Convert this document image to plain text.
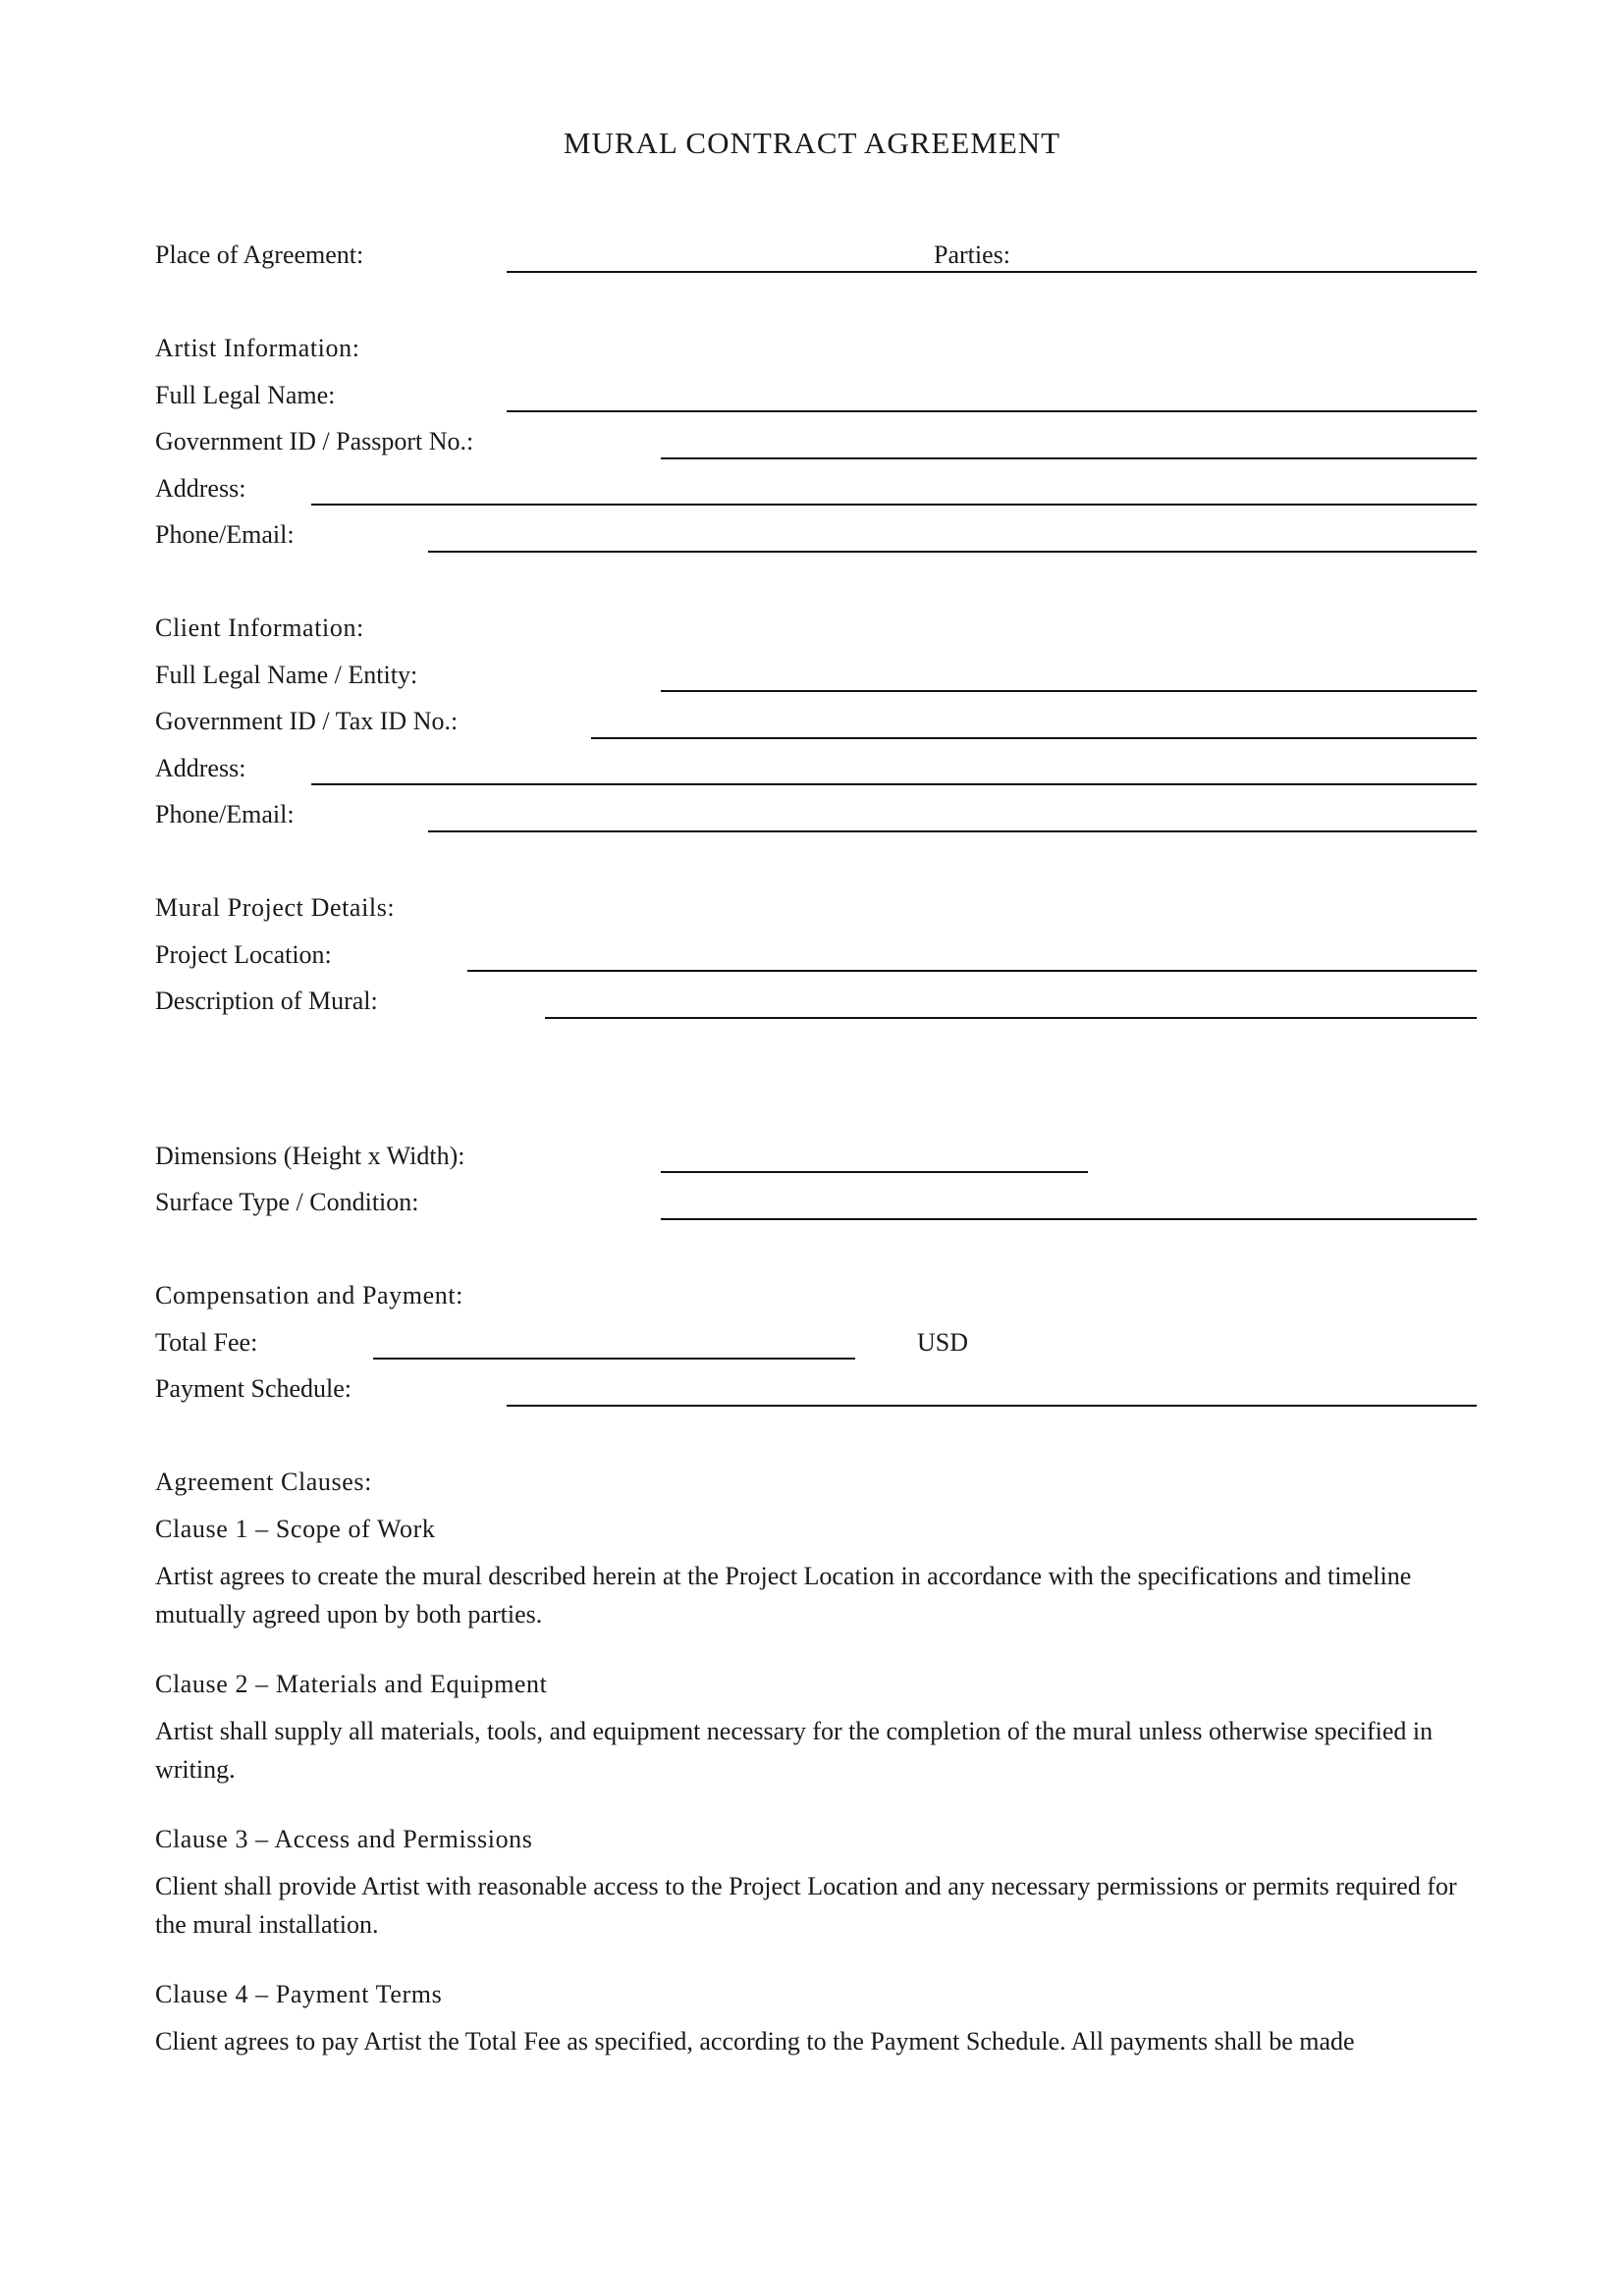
MURAL CONTRACT AGREEMENT
Place of Agreement:	Parties:
Artist Information:
Full Legal Name:
Government ID / Passport No.:
Address:
Phone/Email:
Client Information:
Full Legal Name / Entity:
Government ID / Tax ID No.:
Address:
Phone/Email:
Mural Project Details:
Project Location:
Description of Mural:
Dimensions (Height x Width):
Surface Type / Condition:
Compensation and Payment:
Total Fee:	USD
Payment Schedule:
Agreement Clauses:
Clause 1 – Scope of Work
Artist agrees to create the mural described herein at the Project Location in accordance with the specifications and timeline mutually agreed upon by both parties.
Clause 2 – Materials and Equipment
Artist shall supply all materials, tools, and equipment necessary for the completion of the mural unless otherwise specified in writing.
Clause 3 – Access and Permissions
Client shall provide Artist with reasonable access to the Project Location and any necessary permissions or permits required for the mural installation.
Clause 4 – Payment Terms
Client agrees to pay Artist the Total Fee as specified, according to the Payment Schedule. All payments shall be made
